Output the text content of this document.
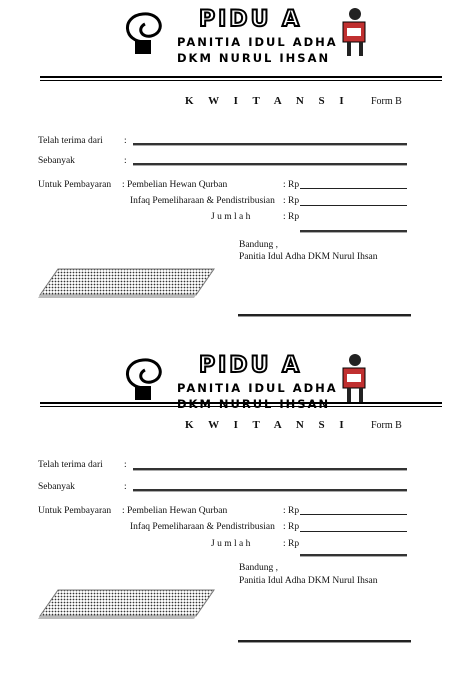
PIDU A
PANITIA IDUL ADHA
DKM NURUL IHSAN
K W I T A N S I Form B
Telah terima dari :
Sebanyak	:
Untuk Pembayaran : Pembelian Hewan Qurban	: Rp
Infaq Pemeliharaan & Pendistribusian : Rp
J u m l a h	: Rp
Bandung ,
Panitia Idul Adha DKM Nurul Ihsan
PIDU A
PANITIA IDUL ADHA
DKM NURUL IHSAN
K W I T A N S I Form B
Telah terima dari :
Sebanyak	:
Untuk Pembayaran : Pembelian Hewan Qurban	: Rp
Infaq Pemeliharaan & Pendistribusian : Rp
J u m l a h	: Rp
Bandung ,
Panitia Idul Adha DKM Nurul Ihsan
